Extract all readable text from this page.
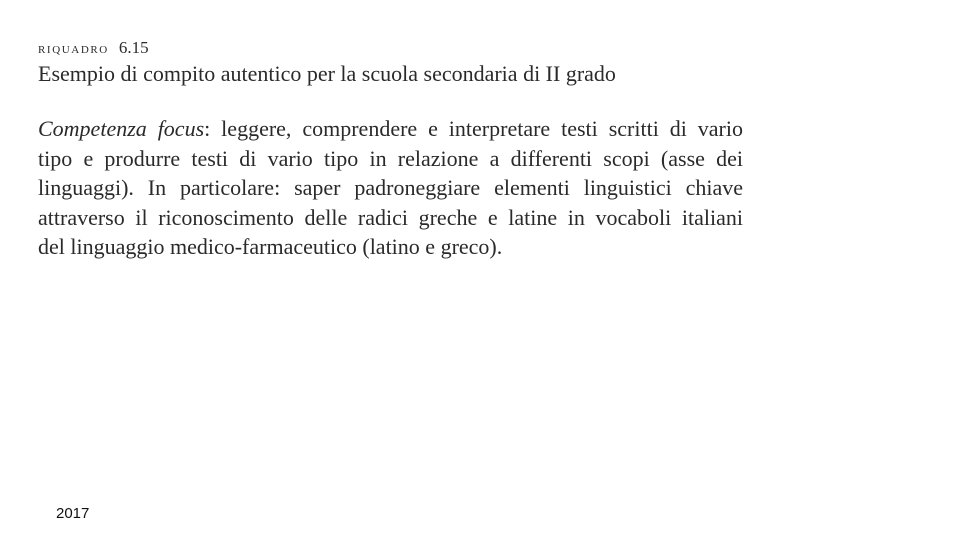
riquadro 6.15
Esempio di compito autentico per la scuola secondaria di II grado
Competenza focus: leggere, comprendere e interpretare testi scritti di vario
tipo e produrre testi di vario tipo in relazione a differenti scopi (asse dei
linguaggi). In particolare: saper padroneggiare elementi linguistici chiave
attraverso il riconoscimento delle radici greche e latine in vocaboli italiani
del linguaggio medico-farmaceutico (latino e greco).
2017
